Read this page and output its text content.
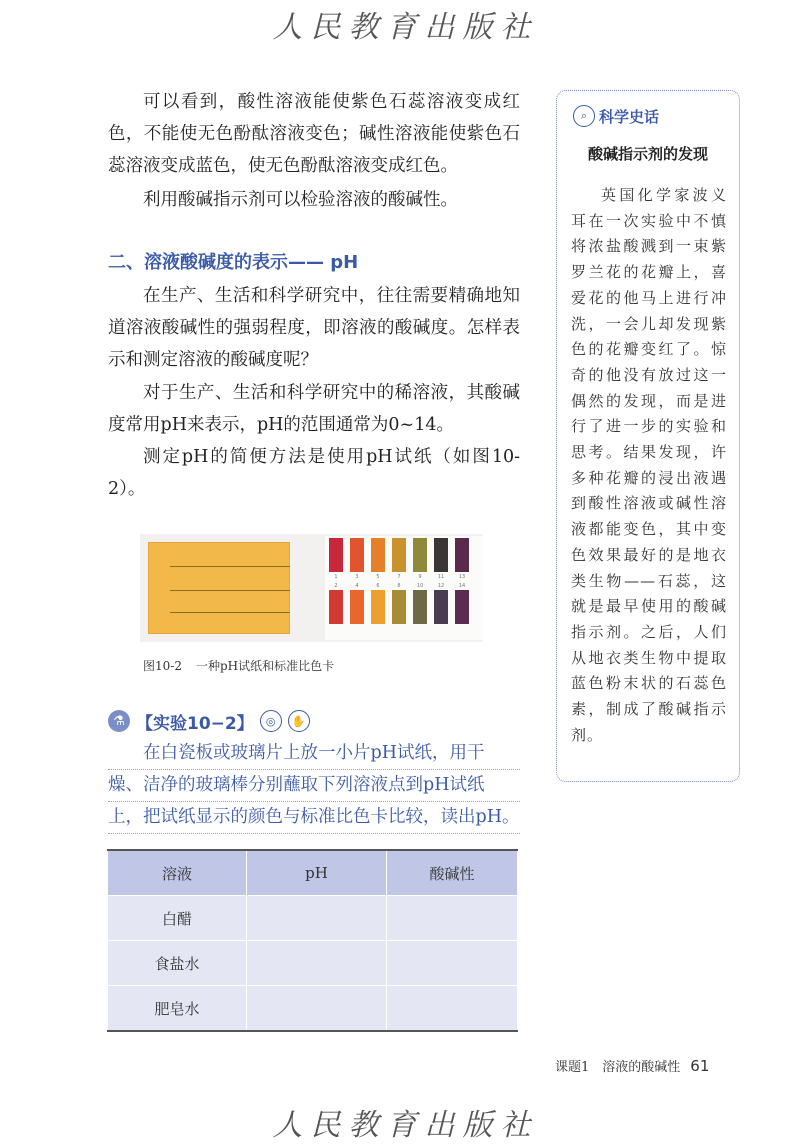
人民教育出版社
可以看到，酸性溶液能使紫色石蕊溶液变成红色，不能使无色酚酞溶液变色；碱性溶液能使紫色石蕊溶液变成蓝色，使无色酚酞溶液变成红色。
利用酸碱指示剂可以检验溶液的酸碱性。
二、溶液酸碱度的表示—— pH
在生产、生活和科学研究中，往往需要精确地知道溶液酸碱性的强弱程度，即溶液的酸碱度。怎样表示和测定溶液的酸碱度呢？
对于生产、生活和科学研究中的稀溶液，其酸碱度常用pH来表示，pH的范围通常为0~14。
测定pH的简便方法是使用pH试纸（如图10-2）。
1	3	5	7	9	11	13
2	4	6	8	10	12	14
图10-2 一种pH试纸和标准比色卡
⚗ 【实验10−2】	◎	✋
在白瓷板或玻璃片上放一小片pH试纸，用干
燥、洁净的玻璃棒分别蘸取下列溶液点到pH试纸
上，把试纸显示的颜色与标准比色卡比较，读出pH。
溶液	pH	酸碱性
白醋		
食盐水		
肥皂水		
⌕ 科学史话
酸碱指示剂的发现
英国化学家波义耳在一次实验中不慎将浓盐酸溅到一束紫罗兰花的花瓣上，喜爱花的他马上进行冲洗，一会儿却发现紫色的花瓣变红了。惊奇的他没有放过这一偶然的发现，而是进行了进一步的实验和思考。结果发现，许多种花瓣的浸出液遇到酸性溶液或碱性溶液都能变色，其中变色效果最好的是地衣类生物——石蕊，这就是最早使用的酸碱指示剂。之后，人们从地衣类生物中提取蓝色粉末状的石蕊色素，制成了酸碱指示剂。
课题1　溶液的酸碱性 61
人民教育出版社
